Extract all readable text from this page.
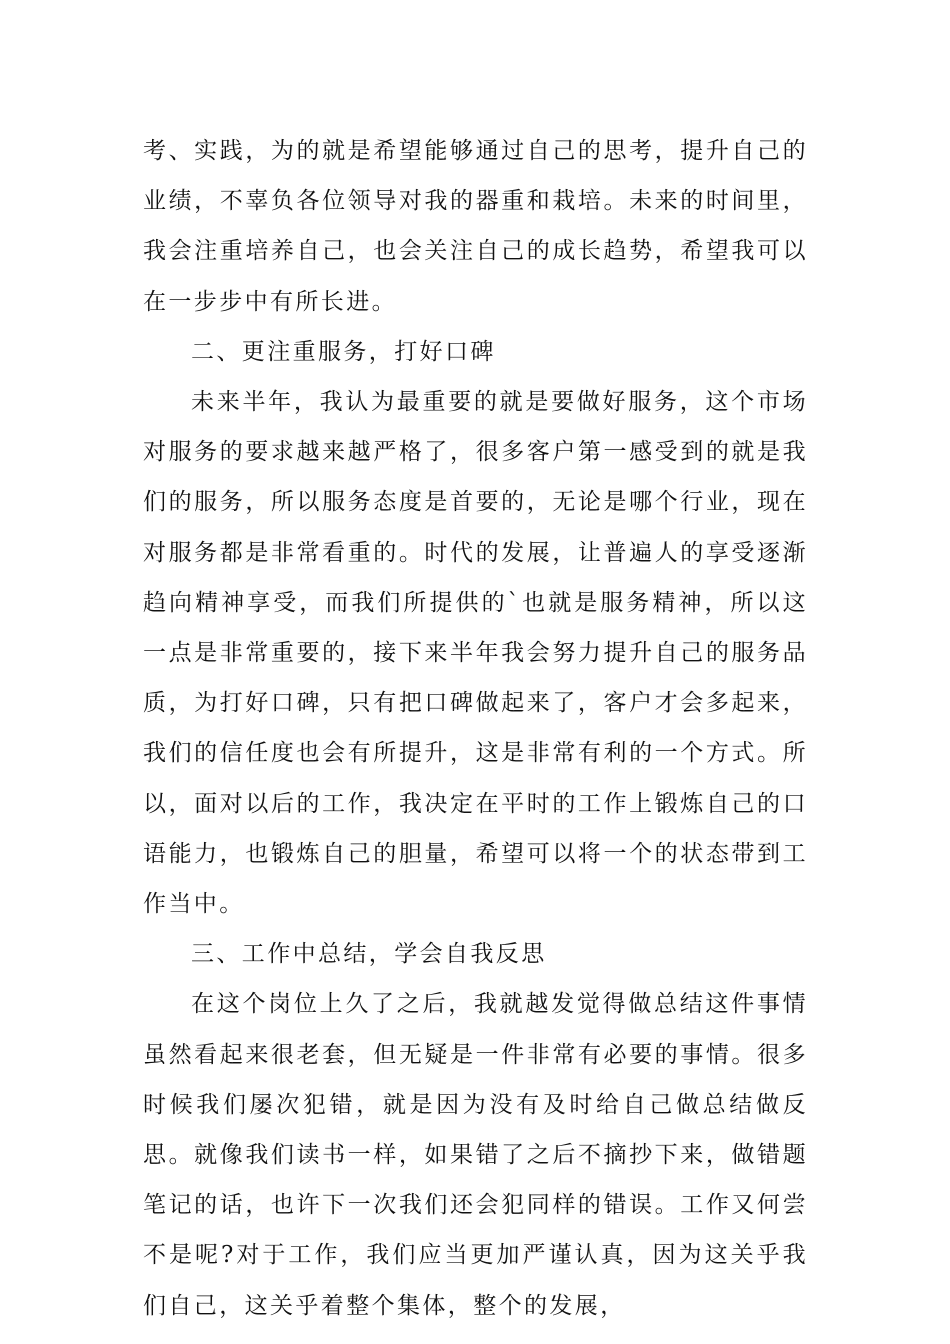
考、实践，为的就是希望能够通过自己的思考，提升自己的业绩，不辜负各位领导对我的器重和栽培。未来的时间里，我会注重培养自己，也会关注自己的成长趋势，希望我可以在一步步中有所长进。

二、更注重服务，打好口碑

未来半年，我认为最重要的就是要做好服务，这个市场对服务的要求越来越严格了，很多客户第一感受到的就是我们的服务，所以服务态度是首要的，无论是哪个行业，现在对服务都是非常看重的。时代的发展，让普遍人的享受逐渐趋向精神享受，而我们所提供的`也就是服务精神，所以这一点是非常重要的，接下来半年我会努力提升自己的服务品质，为打好口碑，只有把口碑做起来了，客户才会多起来，我们的信任度也会有所提升，这是非常有利的一个方式。所以，面对以后的工作，我决定在平时的工作上锻炼自己的口语能力，也锻炼自己的胆量，希望可以将一个的状态带到工作当中。

三、工作中总结，学会自我反思

在这个岗位上久了之后，我就越发觉得做总结这件事情虽然看起来很老套，但无疑是一件非常有必要的事情。很多时候我们屡次犯错，就是因为没有及时给自己做总结做反思。就像我们读书一样，如果错了之后不摘抄下来，做错题笔记的话，也许下一次我们还会犯同样的错误。工作又何尝不是呢?对于工作，我们应当更加严谨认真，因为这关乎我们自己，这关乎着整个集体，整个的发展，
